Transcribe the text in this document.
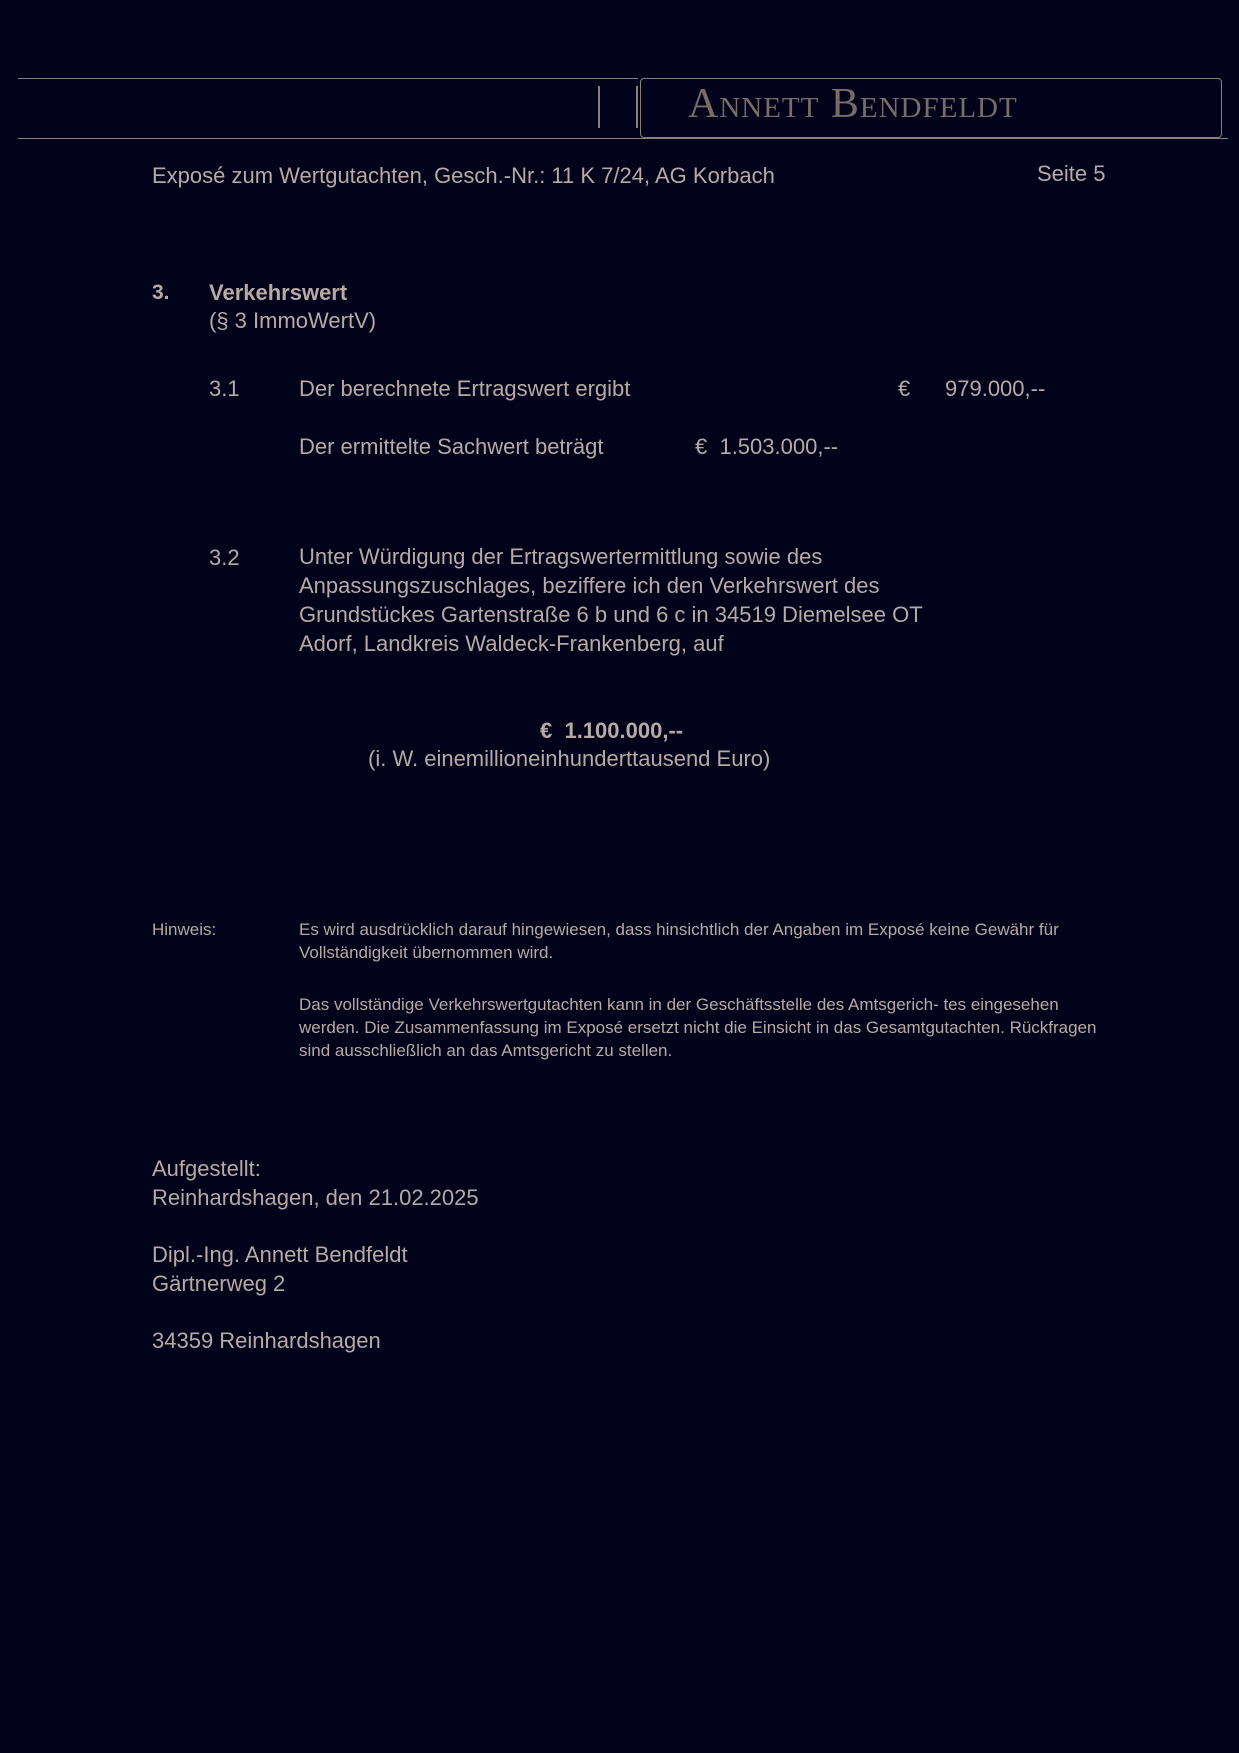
Annett Bendfeldt
Exposé zum Wertgutachten, Gesch.-Nr.: 11 K 7/24, AG Korbach	Seite 5
3. Verkehrswert
(§ 3 ImmoWertV)
3.1	Der berechnete Ertragswert ergibt	€ 979.000,--
Der ermittelte Sachwert beträgt	€  1.503.000,--
3.2	Unter Würdigung der Ertragswertermittlung sowie des Anpassungszuschlages, beziffere ich den Verkehrswert des Grundstückes Gartenstraße 6 b und 6 c in 34519 Diemelsee OT Adorf, Landkreis Waldeck-Frankenberg, auf
€  1.100.000,--
(i. W. einemillioneinhunderttausend Euro)
Hinweis:	Es wird ausdrücklich darauf hingewiesen, dass hinsichtlich der Angaben im Exposé keine Gewähr für Vollständigkeit übernommen wird.
Das vollständige Verkehrswertgutachten kann in der Geschäftsstelle des Amtsgerich- tes eingesehen werden. Die Zusammenfassung im Exposé ersetzt nicht die Einsicht in das Gesamtgutachten. Rückfragen sind ausschließlich an das Amtsgericht zu stellen.
Aufgestellt:
Reinhardshagen, den 21.02.2025
Dipl.-Ing. Annett Bendfeldt
Gärtnerweg 2
34359 Reinhardshagen
